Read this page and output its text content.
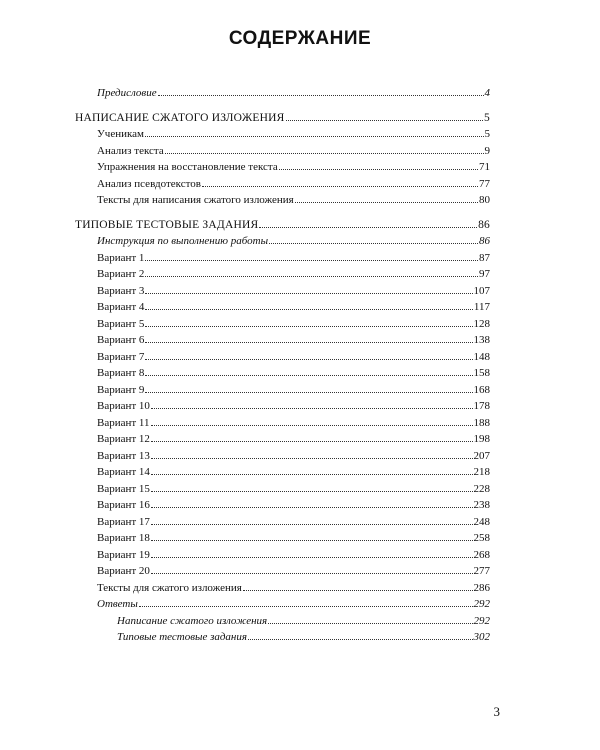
СОДЕРЖАНИЕ
Предисловие	4
НАПИСАНИЕ СЖАТОГО ИЗЛОЖЕНИЯ	5
Ученикам	5
Анализ текста	9
Упражнения на восстановление текста	71
Анализ псевдотекстов	77
Тексты для написания сжатого изложения	80
ТИПОВЫЕ ТЕСТОВЫЕ ЗАДАНИЯ	86
Инструкция по выполнению работы	86
Вариант 1	87
Вариант 2	97
Вариант 3	107
Вариант 4	117
Вариант 5	128
Вариант 6	138
Вариант 7	148
Вариант 8	158
Вариант 9	168
Вариант 10	178
Вариант 11	188
Вариант 12	198
Вариант 13	207
Вариант 14	218
Вариант 15	228
Вариант 16	238
Вариант 17	248
Вариант 18	258
Вариант 19	268
Вариант 20	277
Тексты для сжатого изложения	286
Ответы	292
Написание сжатого изложения	292
Типовые тестовые задания	302
3
